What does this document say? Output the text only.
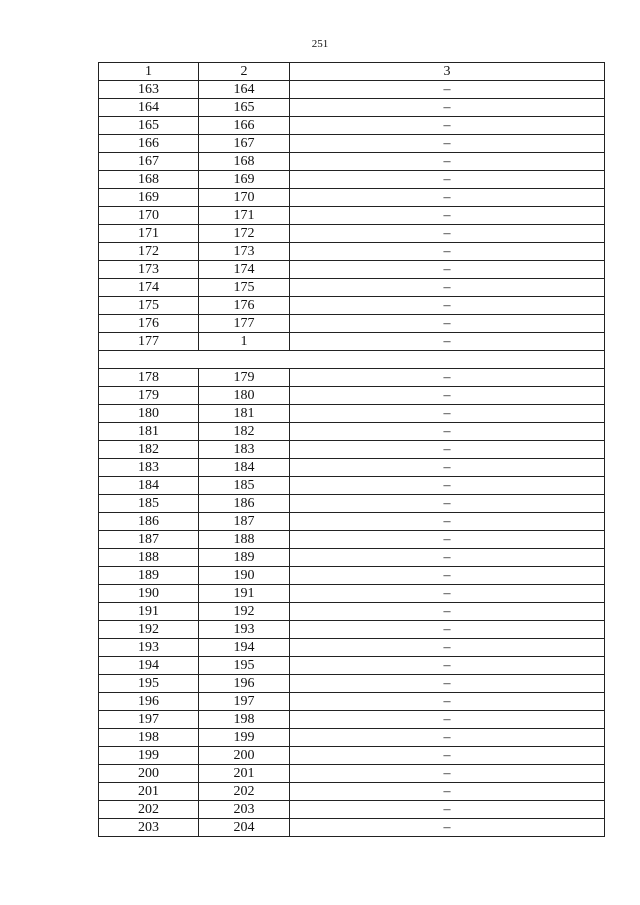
251
1	2	3
163	164	–
164	165	–
165	166	–
166	167	–
167	168	–
168	169	–
169	170	–
170	171	–
171	172	–
172	173	–
173	174	–
174	175	–
175	176	–
176	177	–
177	1	–

178	179	–
179	180	–
180	181	–
181	182	–
182	183	–
183	184	–
184	185	–
185	186	–
186	187	–
187	188	–
188	189	–
189	190	–
190	191	–
191	192	–
192	193	–
193	194	–
194	195	–
195	196	–
196	197	–
197	198	–
198	199	–
199	200	–
200	201	–
201	202	–
202	203	–
203	204	–
